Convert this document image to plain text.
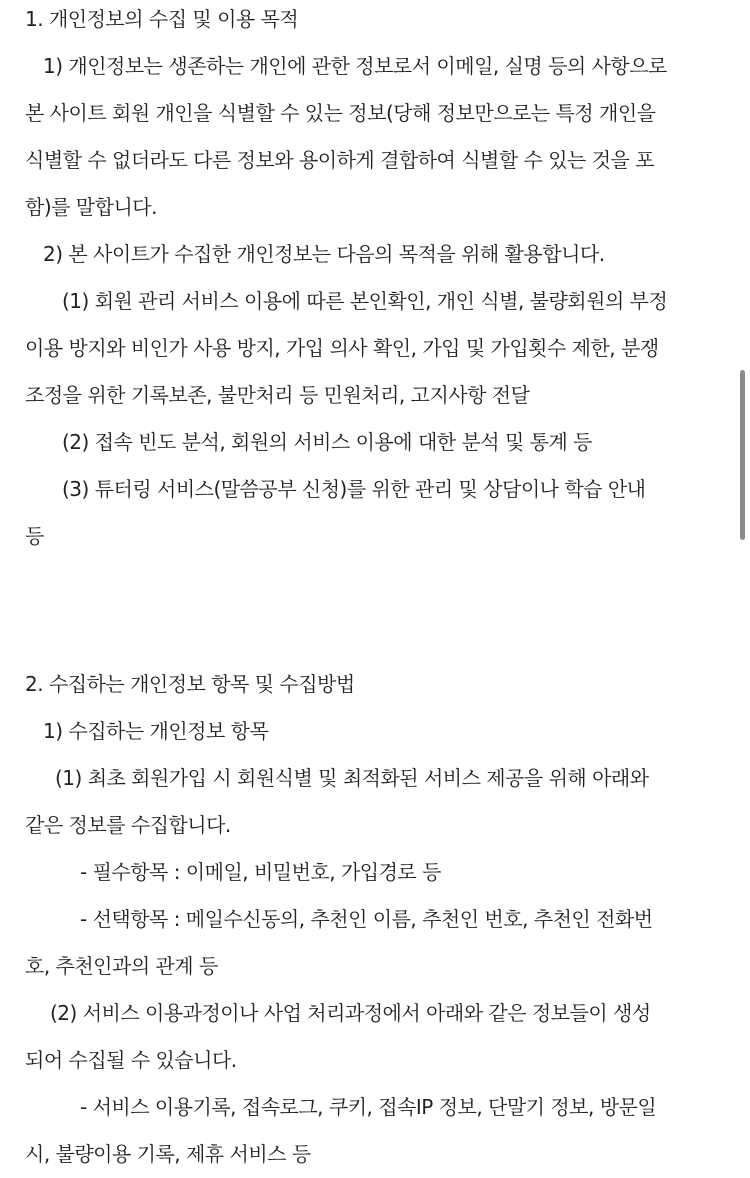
1. 개인정보의 수집 및 이용 목적
1) 개인정보는 생존하는 개인에 관한 정보로서 이메일, 실명 등의 사항으로
본 사이트 회원 개인을 식별할 수 있는 정보(당해 정보만으로는 특정 개인을
식별할 수 없더라도 다른 정보와 용이하게 결합하여 식별할 수 있는 것을 포
함)를 말합니다.
2) 본 사이트가 수집한 개인정보는 다음의 목적을 위해 활용합니다.
(1) 회원 관리 서비스 이용에 따른 본인확인, 개인 식별, 불량회원의 부정
이용 방지와 비인가 사용 방지, 가입 의사 확인, 가입 및 가입횟수 제한, 분쟁
조정을 위한 기록보존, 불만처리 등 민원처리, 고지사항 전달
(2) 접속 빈도 분석, 회원의 서비스 이용에 대한 분석 및 통계 등
(3) 튜터링 서비스(말씀공부 신청)를 위한 관리 및 상담이나 학습 안내
등
2. 수집하는 개인정보 항목 및 수집방법
1) 수집하는 개인정보 항목
(1) 최초 회원가입 시 회원식별 및 최적화된 서비스 제공을 위해 아래와
같은 정보를 수집합니다.
- 필수항목 : 이메일, 비밀번호, 가입경로 등
- 선택항목 : 메일수신동의, 추천인 이름, 추천인 번호, 추천인 전화번
호, 추천인과의 관계 등
(2) 서비스 이용과정이나 사업 처리과정에서 아래와 같은 정보들이 생성
되어 수집될 수 있습니다.
- 서비스 이용기록, 접속로그, 쿠키, 접속IP 정보, 단말기 정보, 방문일
시, 불량이용 기록, 제휴 서비스 등
